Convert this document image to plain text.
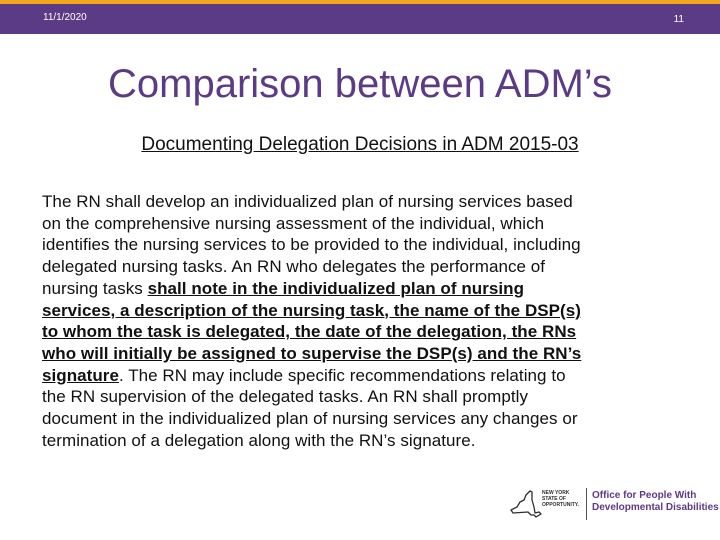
11/1/2020	11
Comparison between ADM’s
Documenting Delegation Decisions in ADM 2015-03
The RN shall develop an individualized plan of nursing services based
on the comprehensive nursing assessment of the individual, which
identifies the nursing services to be provided to the individual, including
delegated nursing tasks. An RN who delegates the performance of
nursing tasks shall note in the individualized plan of nursing
services, a description of the nursing task, the name of the DSP(s)
to whom the task is delegated, the date of the delegation, the RNs
who will initially be assigned to supervise the DSP(s) and the RN’s
signature. The RN may include specific recommendations relating to
the RN supervision of the delegated tasks. An RN shall promptly
document in the individualized plan of nursing services any changes or
termination of a delegation along with the RN’s signature.
NEW YORK
STATE OF
OPPORTUNITY.
Office for People With
Developmental Disabilities
